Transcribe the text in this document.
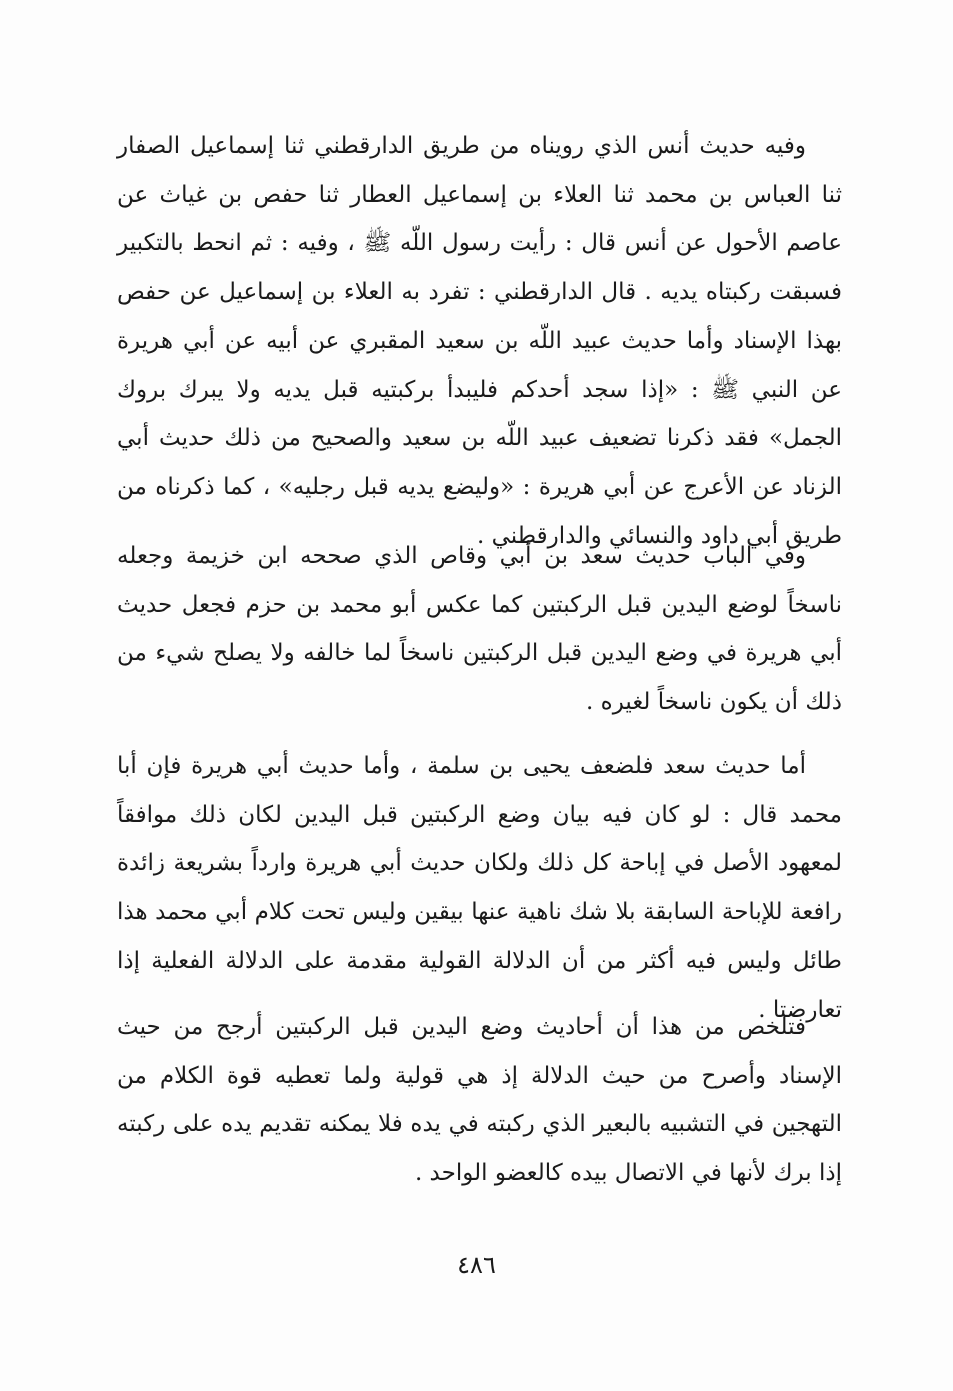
وفيه حديث أنس الذي رويناه من طريق الدارقطني ثنا إسماعيل الصفار ثنا العباس بن محمد ثنا العلاء بن إسماعيل العطار ثنا حفص بن غياث عن عاصم الأحول عن أنس قال : رأيت رسول اللّه ﷺ ، وفيه : ثم انحط بالتكبير فسبقت ركبتاه يديه . قال الدارقطني : تفرد به العلاء بن إسماعيل عن حفص بهذا الإسناد وأما حديث عبيد اللّه بن سعيد المقبري عن أبيه عن أبي هريرة عن النبي ﷺ : «إذا سجد أحدكم فليبدأ بركبتيه قبل يديه ولا يبرك بروك الجمل» فقد ذكرنا تضعيف عبيد اللّه بن سعيد والصحيح من ذلك حديث أبي الزناد عن الأعرج عن أبي هريرة : «وليضع يديه قبل رجليه» ، كما ذكرناه من طريق أبي داود والنسائي والدارقطني .

وفي الباب حديث سعد بن أبي وقاص الذي صححه ابن خزيمة وجعله ناسخاً لوضع اليدين قبل الركبتين كما عكس أبو محمد بن حزم فجعل حديث أبي هريرة في وضع اليدين قبل الركبتين ناسخاً لما خالفه ولا يصلح شيء من ذلك أن يكون ناسخاً لغيره .

أما حديث سعد فلضعف يحيى بن سلمة ، وأما حديث أبي هريرة فإن أبا محمد قال : لو كان فيه بيان وضع الركبتين قبل اليدين لكان ذلك موافقاً لمعهود الأصل في إباحة كل ذلك ولكان حديث أبي هريرة وارداً بشريعة زائدة رافعة للإباحة السابقة بلا شك ناهية عنها بيقين وليس تحت كلام أبي محمد هذا طائل وليس فيه أكثر من أن الدلالة القولية مقدمة على الدلالة الفعلية إذا تعارضتا .

فتلخص من هذا أن أحاديث وضع اليدين قبل الركبتين أرجح من حيث الإسناد وأصرح من حيث الدلالة إذ هي قولية ولما تعطيه قوة الكلام من التهجين في التشبيه بالبعير الذي ركبته في يده فلا يمكنه تقديم يده على ركبته إذا برك لأنها في الاتصال بيده كالعضو الواحد .

٤٨٦
